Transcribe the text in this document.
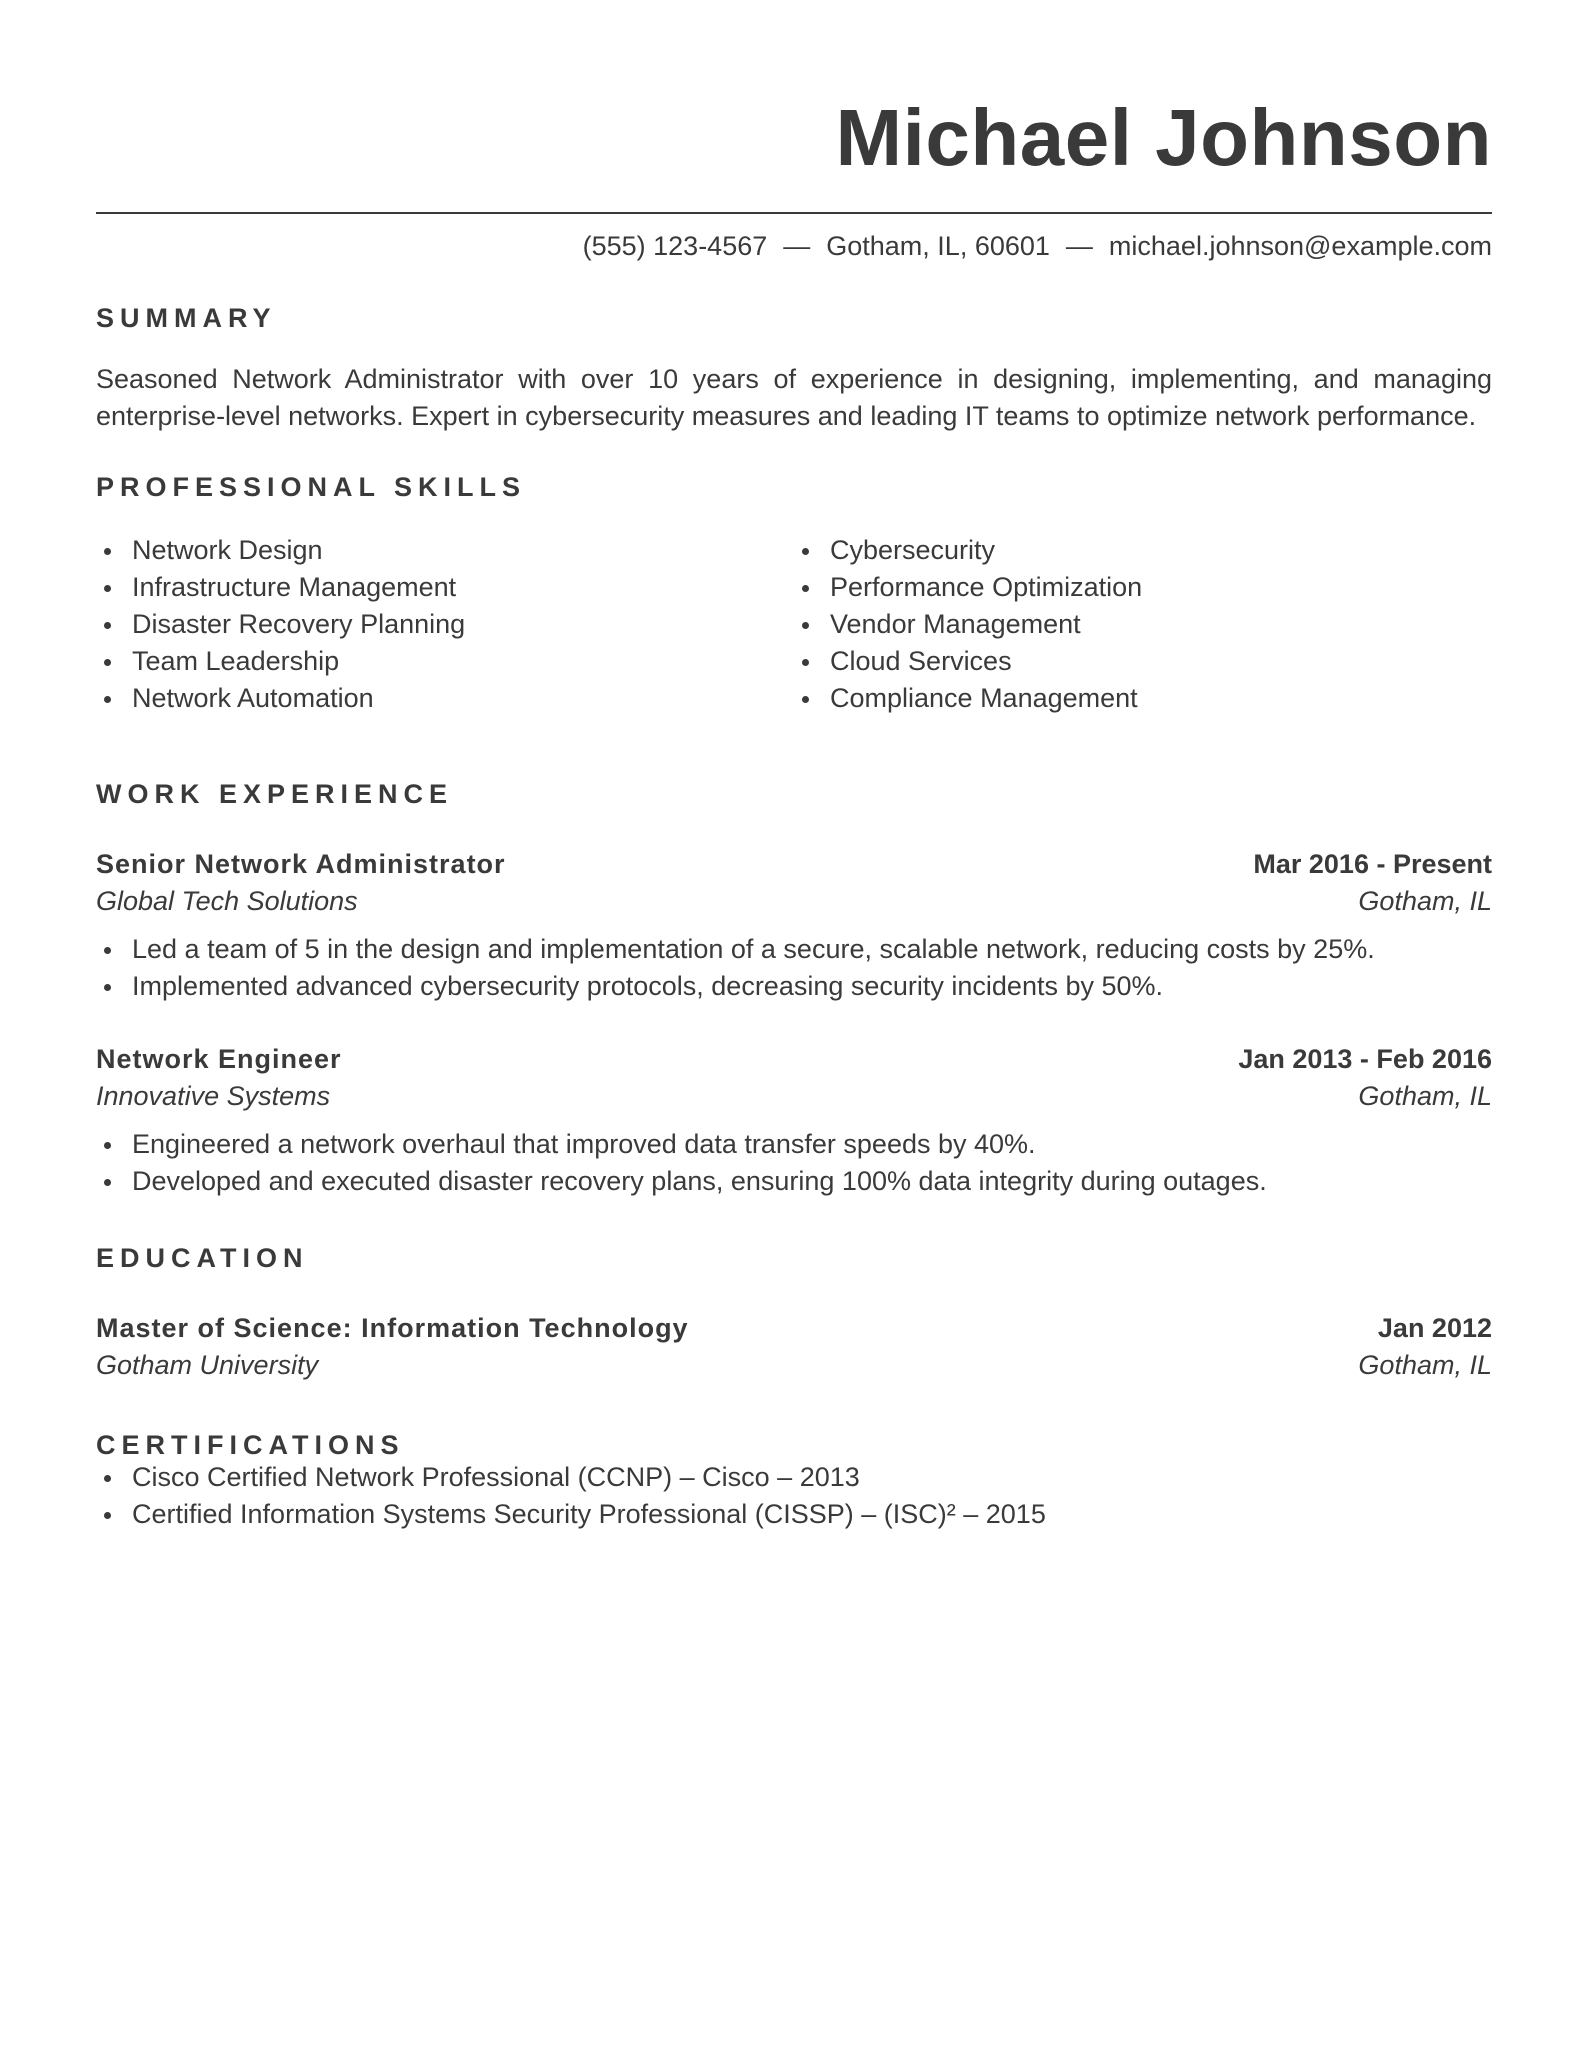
Michael Johnson
(555) 123-4567 — Gotham, IL, 60601 — michael.johnson@example.com
SUMMARY
Seasoned Network Administrator with over 10 years of experience in designing, implementing, and managing enterprise-level networks. Expert in cybersecurity measures and leading IT teams to optimize network performance.
PROFESSIONAL SKILLS
Network Design
Infrastructure Management
Disaster Recovery Planning
Team Leadership
Network Automation
Cybersecurity
Performance Optimization
Vendor Management
Cloud Services
Compliance Management
WORK EXPERIENCE
Senior Network Administrator	Mar 2016 - Present
Global Tech Solutions	Gotham, IL
Led a team of 5 in the design and implementation of a secure, scalable network, reducing costs by 25%.
Implemented advanced cybersecurity protocols, decreasing security incidents by 50%.
Network Engineer	Jan 2013 - Feb 2016
Innovative Systems	Gotham, IL
Engineered a network overhaul that improved data transfer speeds by 40%.
Developed and executed disaster recovery plans, ensuring 100% data integrity during outages.
EDUCATION
Master of Science: Information Technology	Jan 2012
Gotham University	Gotham, IL
CERTIFICATIONS
Cisco Certified Network Professional (CCNP) – Cisco – 2013
Certified Information Systems Security Professional (CISSP) – (ISC)² – 2015
